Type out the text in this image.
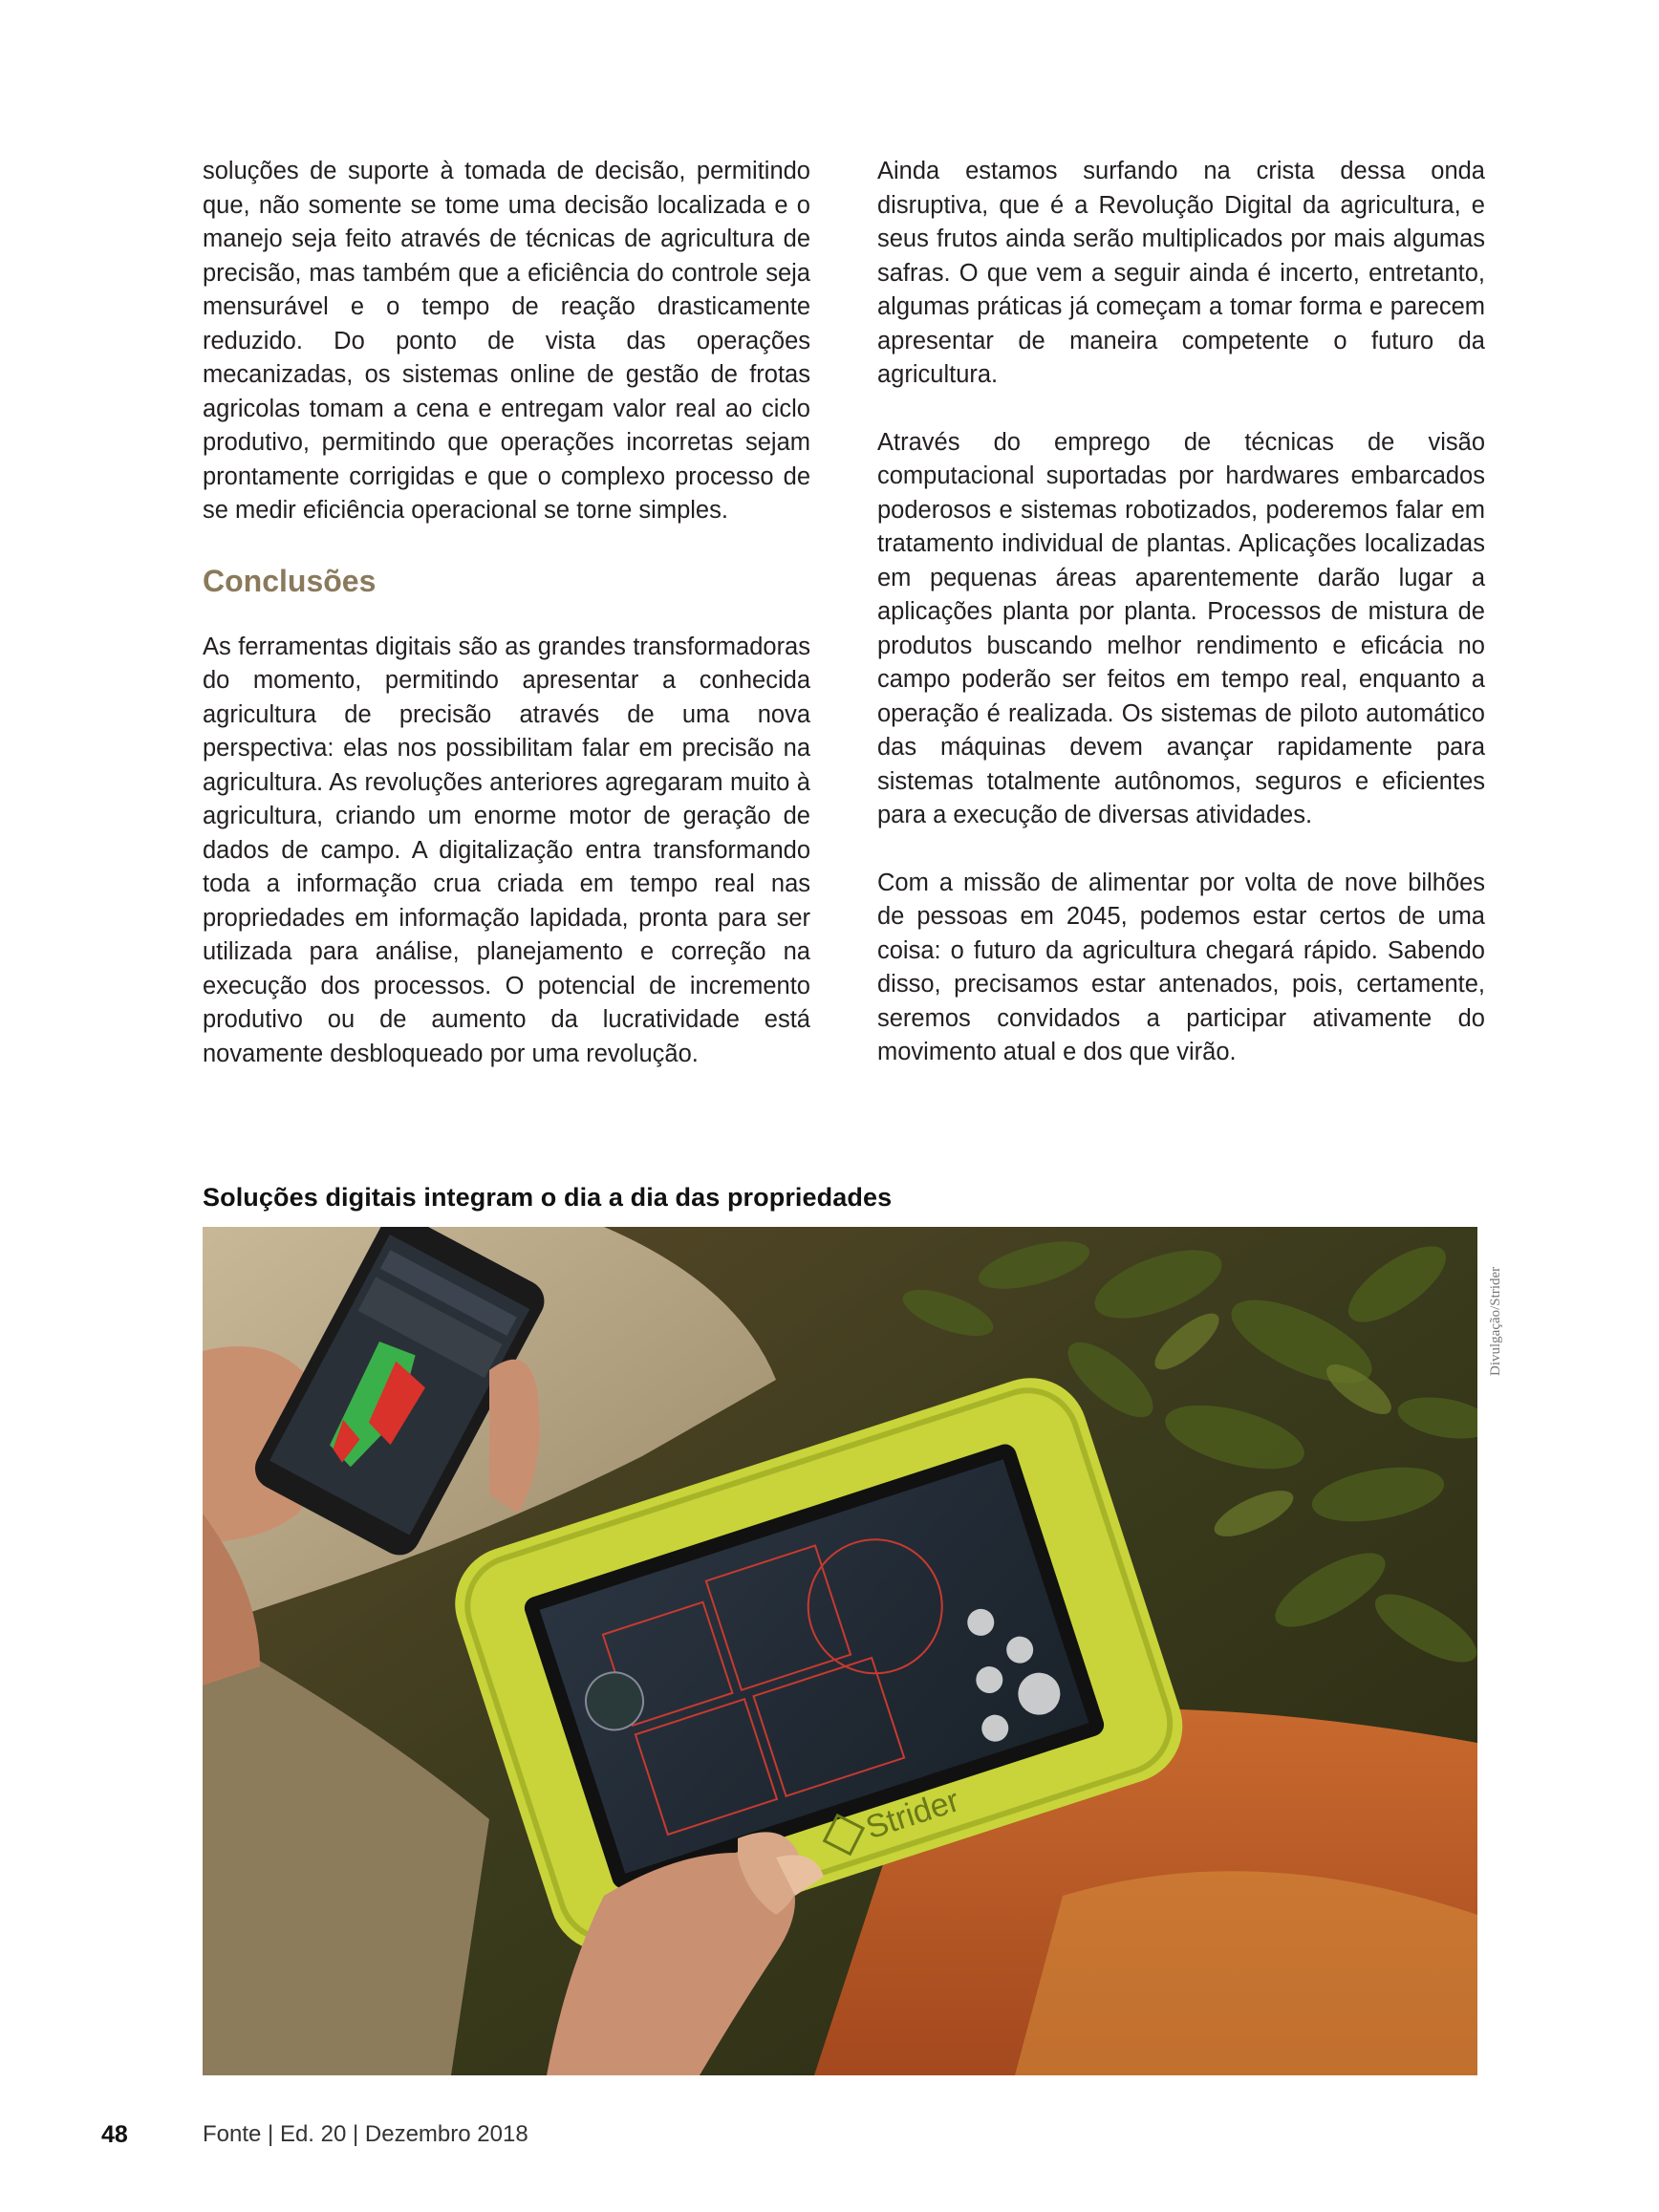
soluções de suporte à tomada de decisão, permitindo que, não somente se tome uma decisão localizada e o manejo seja feito através de técnicas de agricultura de precisão, mas também que a eficiência do controle seja mensurável e o tempo de reação drasticamente reduzido. Do ponto de vista das operações mecanizadas, os sistemas online de gestão de frotas agricolas tomam a cena e entregam valor real ao ciclo produtivo, permitindo que operações incorretas sejam prontamente corrigidas e que o complexo processo de se medir eficiência operacional se torne simples.

Conclusões

As ferramentas digitais são as grandes transformadoras do momento, permitindo apresentar a conhecida agricultura de precisão através de uma nova perspectiva: elas nos possibilitam falar em precisão na agricultura. As revoluções anteriores agregaram muito à agricultura, criando um enorme motor de geração de dados de campo. A digitalização entra transformando toda a informação crua criada em tempo real nas propriedades em informação lapidada, pronta para ser utilizada para análise, planejamento e correção na execução dos processos. O potencial de incremento produtivo ou de aumento da lucratividade está novamente desbloqueado por uma revolução.

Ainda estamos surfando na crista dessa onda disruptiva, que é a Revolução Digital da agricultura, e seus frutos ainda serão multiplicados por mais algumas safras. O que vem a seguir ainda é incerto, entretanto, algumas práticas já começam a tomar forma e parecem apresentar de maneira competente o futuro da agricultura.

Através do emprego de técnicas de visão computacional suportadas por hardwares embarcados poderosos e sistemas robotizados, poderemos falar em tratamento individual de plantas. Aplicações localizadas em pequenas áreas aparentemente darão lugar a aplicações planta por planta. Processos de mistura de produtos buscando melhor rendimento e eficácia no campo poderão ser feitos em tempo real, enquanto a operação é realizada. Os sistemas de piloto automático das máquinas devem avançar rapidamente para sistemas totalmente autônomos, seguros e eficientes para a execução de diversas atividades.

Com a missão de alimentar por volta de nove bilhões de pessoas em 2045, podemos estar certos de uma coisa: o futuro da agricultura chegará rápido. Sabendo disso, precisamos estar antenados, pois, certamente, seremos convidados a participar ativamente do movimento atual e dos que virão.

Soluções digitais integram o dia a dia das propriedades
Strider
Divulgação/Strider
48	Fonte | Ed. 20 | Dezembro 2018
